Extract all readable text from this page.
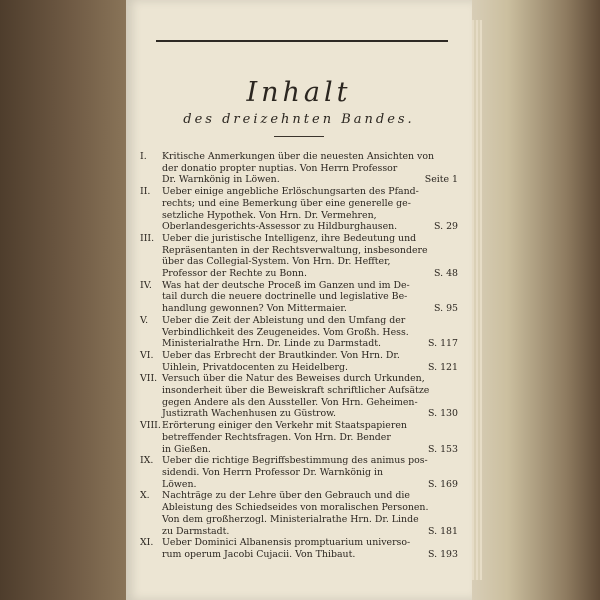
Inhalt
des dreizehnten Bandes.
I.	Kritische Anmerkungen über die neuesten Ansichten von
der donatio propter nuptias. Von Herrn Professor
Dr. Warnkönig in Löwen.	Seite 1
II.	Ueber einige angebliche Erlöschungsarten des Pfand-
rechts; und eine Bemerkung über eine generelle ge-
setzliche Hypothek. Von Hrn. Dr. Vermehren,
Oberlandesgerichts-Assessor zu Hildburghausen.	S. 29
III. Ueber die juristische Intelligenz, ihre Bedeutung und
Repräsentanten in der Rechtsverwaltung, insbesondere
über das Collegial-System. Von Hrn. Dr. Heffter,
Professor der Rechte zu Bonn.	S. 48
IV.	Was hat der deutsche Proceß im Ganzen und im De-
tail durch die neuere doctrinelle und legislative Be-
handlung gewonnen? Von Mittermaier.	S. 95
V.	Ueber die Zeit der Ableistung und den Umfang der
Verbindlichkeit des Zeugeneides. Vom Großh. Hess.
Ministerialrathe Hrn. Dr. Linde zu Darmstadt.	S. 117
VI. Ueber das Erbrecht der Brautkinder. Von Hrn. Dr.
Uihlein, Privatdocenten zu Heidelberg.	S. 121
VII. Versuch über die Natur des Beweises durch Urkunden,
insonderheit über die Beweiskraft schriftlicher Aufsätze
gegen Andere als den Aussteller. Von Hrn. Geheimen-
Justizrath Wachenhusen zu Güstrow.	S. 130
VIII. Erörterung einiger den Verkehr mit Staatspapieren
betreffender Rechtsfragen. Von Hrn. Dr. Bender
in Gießen.	S. 153
IX. Ueber die richtige Begriffsbestimmung des animus pos-
sidendi. Von Herrn Professor Dr. Warnkönig in
Löwen.	S. 169
X.	Nachträge zu der Lehre über den Gebrauch und die
Ableistung des Schiedseides von moralischen Personen.
Von dem großherzogl. Ministerialrathe Hrn. Dr. Linde
zu Darmstadt.	S. 181
XI. Ueber Dominici Albanensis promptuarium universo-
rum operum Jacobi Cujacii. Von Thibaut.	S. 193
